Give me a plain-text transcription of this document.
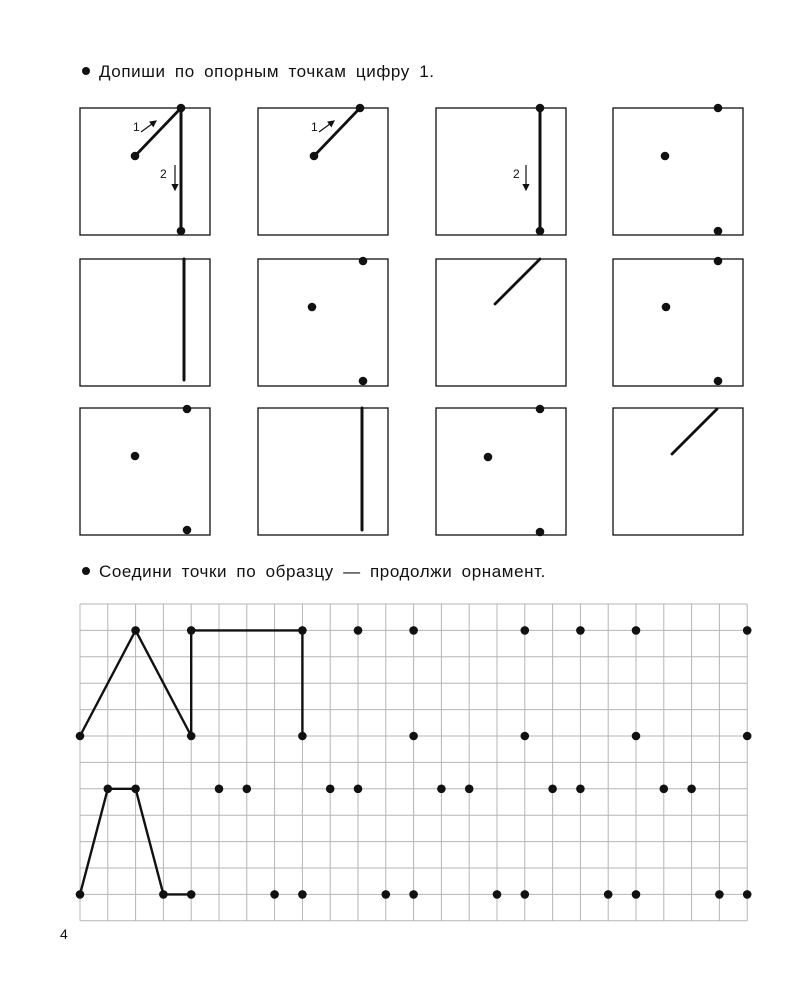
Допиши по опорным точкам цифру 1.
Соедини точки по образцу — продолжи орнамент.
1
2
1
2
4
